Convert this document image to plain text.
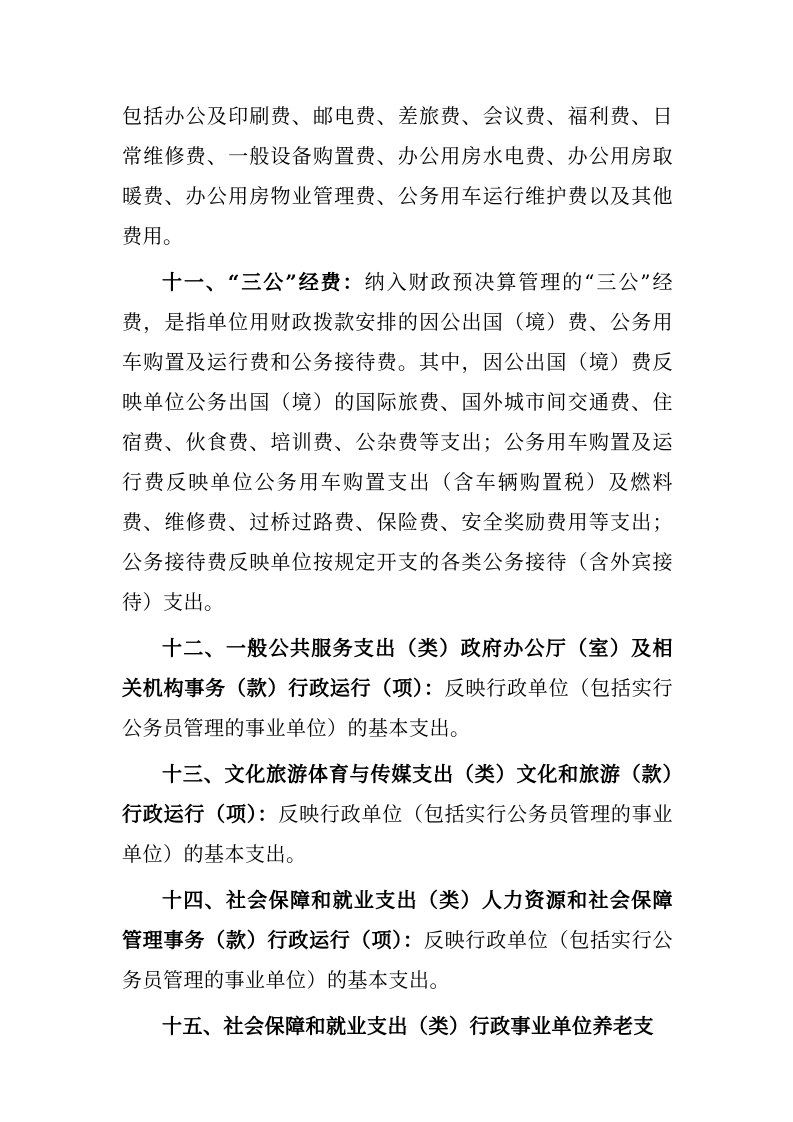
包括办公及印刷费、邮电费、差旅费、会议费、福利费、日常维修费、一般设备购置费、办公用房水电费、办公用房取暖费、办公用房物业管理费、公务用车运行维护费以及其他费用。

十一、“三公”经费：纳入财政预决算管理的“三公”经费，是指单位用财政拨款安排的因公出国（境）费、公务用车购置及运行费和公务接待费。其中，因公出国（境）费反映单位公务出国（境）的国际旅费、国外城市间交通费、住宿费、伙食费、培训费、公杂费等支出；公务用车购置及运行费反映单位公务用车购置支出（含车辆购置税）及燃料费、维修费、过桥过路费、保险费、安全奖励费用等支出；公务接待费反映单位按规定开支的各类公务接待（含外宾接待）支出。

十二、一般公共服务支出（类）政府办公厅（室）及相关机构事务（款）行政运行（项）：反映行政单位（包括实行公务员管理的事业单位）的基本支出。

十三、文化旅游体育与传媒支出（类）文化和旅游（款）行政运行（项）：反映行政单位（包括实行公务员管理的事业单位）的基本支出。

十四、社会保障和就业支出（类）人力资源和社会保障管理事务（款）行政运行（项）：反映行政单位（包括实行公务员管理的事业单位）的基本支出。

十五、社会保障和就业支出（类）行政事业单位养老支
